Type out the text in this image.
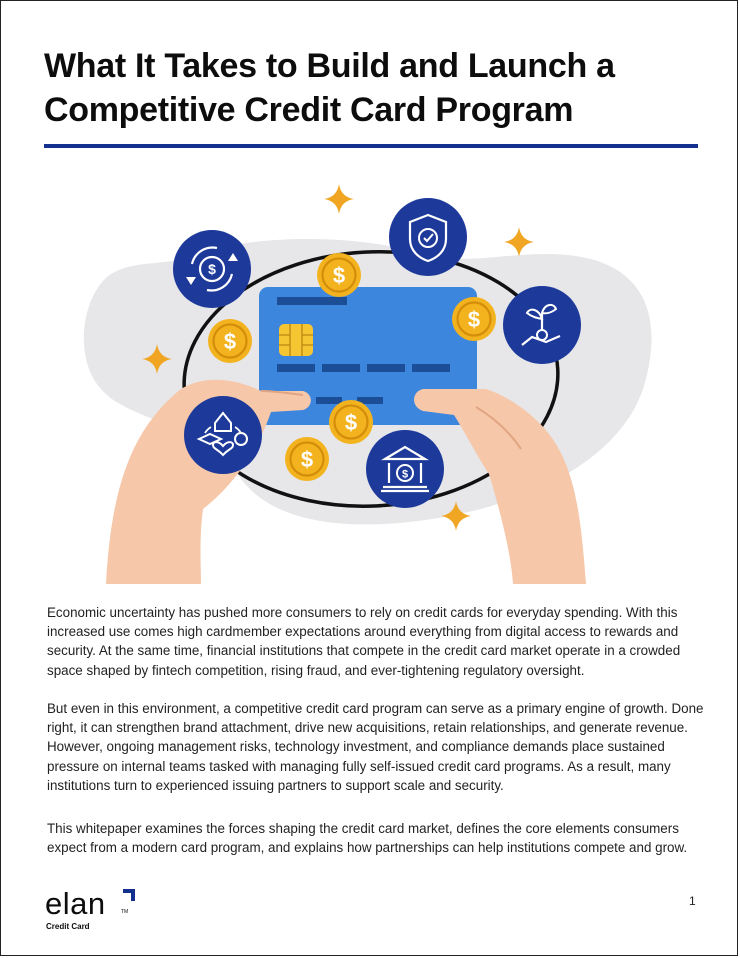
What It Takes to Build and Launch a
Competitive Credit Card Program
$
$
$

Economic uncertainty has pushed more consumers to rely on credit cards for everyday spending. With this increased use comes high cardmember expectations around everything from digital access to rewards and security. At the same time, financial institutions that compete in the credit card market operate in a crowded space shaped by fintech competition, rising fraud, and ever-tightening regulatory oversight.

But even in this environment, a competitive credit card program can serve as a primary engine of growth. Done right, it can strengthen brand attachment, drive new acquisitions, retain relationships, and generate revenue. However, ongoing management risks, technology investment, and compliance demands place sustained pressure on internal teams tasked with managing fully self-issued credit card programs. As a result, many institutions turn to experienced issuing partners to support scale and security.

This whitepaper examines the forces shaping the credit card market, defines the core elements consumers expect from a modern card program, and explains how partnerships can help institutions compete and grow.

elan	TM
Credit Card
1
